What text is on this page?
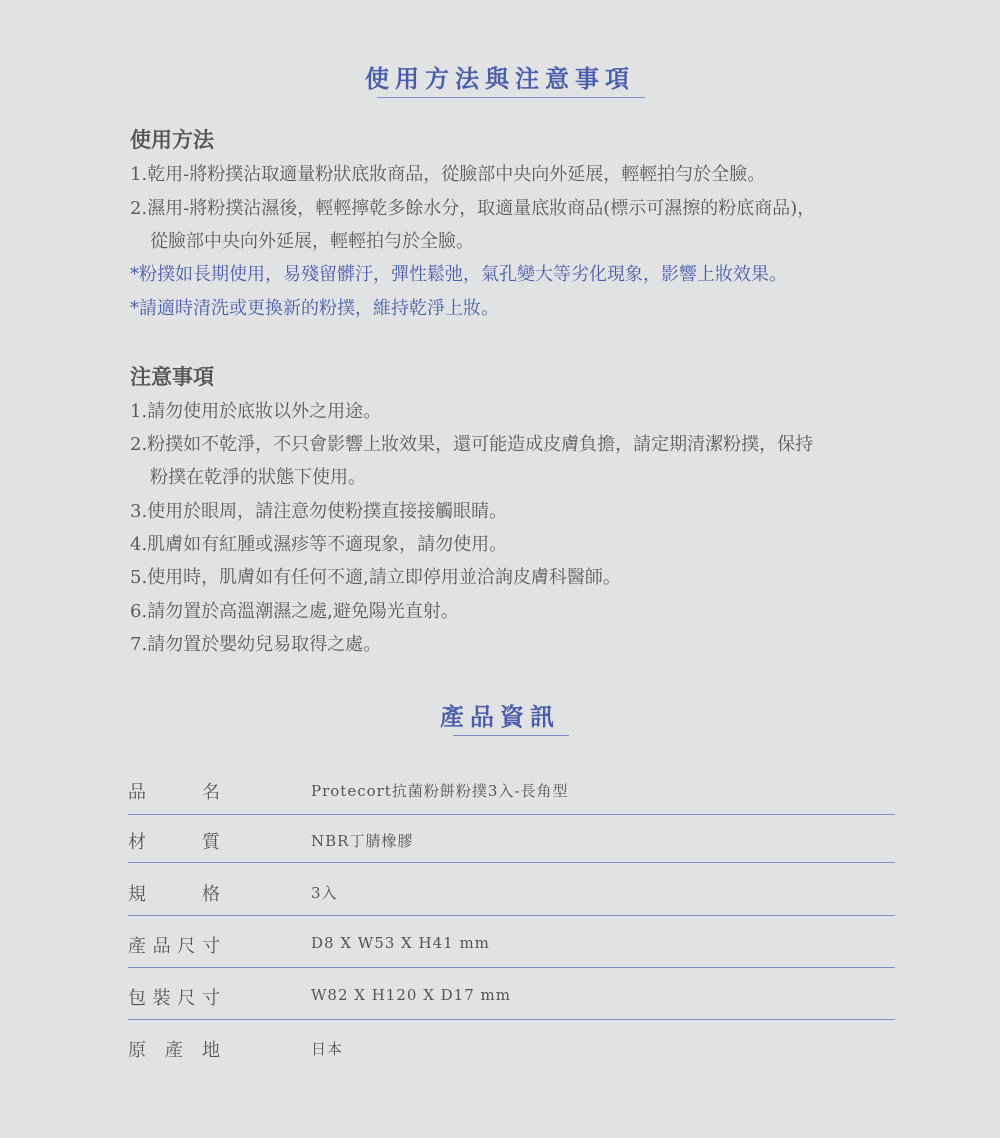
使用方法與注意事項
使用方法
1.乾用-將粉撲沾取適量粉狀底妝商品，從臉部中央向外延展，輕輕拍勻於全臉。
2.濕用-將粉撲沾濕後，輕輕擰乾多餘水分，取適量底妝商品(標示可濕擦的粉底商品)，
從臉部中央向外延展，輕輕拍勻於全臉。
*粉撲如長期使用，易殘留髒汙，彈性鬆弛，氣孔變大等劣化現象，影響上妝效果。
*請適時清洗或更換新的粉撲，維持乾淨上妝。
注意事項
1.請勿使用於底妝以外之用途。
2.粉撲如不乾淨，不只會影響上妝效果，還可能造成皮膚負擔，請定期清潔粉撲，保持
粉撲在乾淨的狀態下使用。
3.使用於眼周，請注意勿使粉撲直接接觸眼睛。
4.肌膚如有紅腫或濕疹等不適現象，請勿使用。
5.使用時，肌膚如有任何不適,請立即停用並洽詢皮膚科醫師。
6.請勿置於高溫潮濕之處,避免陽光直射。
7.請勿置於嬰幼兒易取得之處。
產品資訊
品名	Protecort抗菌粉餅粉撲3入-長角型
材質	NBR丁腈橡膠
規格	3入
產品尺寸	D8 X W53 X H41 mm
包裝尺寸	W82 X H120 X D17 mm
原產地	日本
